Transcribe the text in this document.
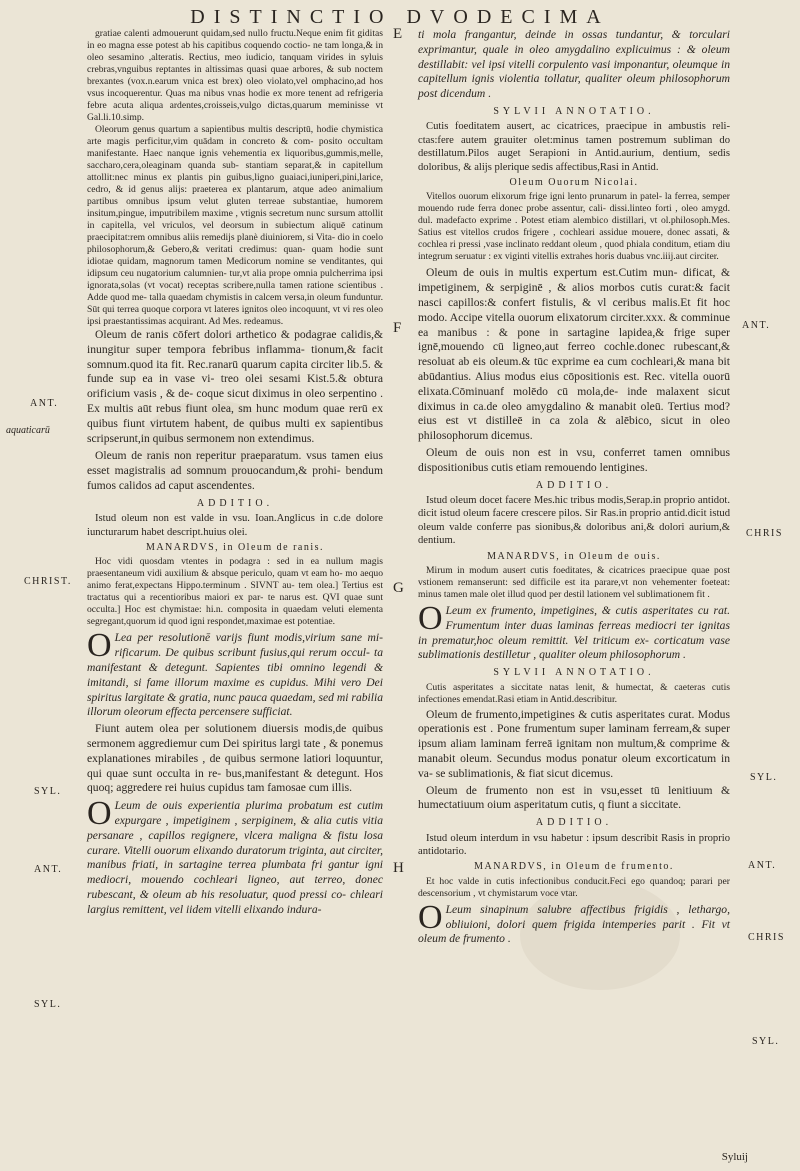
DISTINCTIO DVODECIMA
ANT.
aquaticarū
CHRIST.
SYL.
ANT.
SYL.
ANT.
CHRIS
SYL.
ANT.
CHRIS
SYL.
E
F
G
H

gratiae calenti admouerunt quidam,sed nullo fructu.Neque enim fit giditas in eo magna esse potest ab his capitibus coquendo coctio- ne tam longa,& in oleo sesamino ,alteratis. Rectius, meo iudicio, tanquam virides in syluis crebras,vnguibus reptantes in altissimas quasi quae arbores, & sub noctem brexantes (vox.n.earum vnica est brex) oleo violato,vel omphacino,ad hos vsus incoquerentur. Quas ma nibus vnas hodie ex more tenent ad refrigeria febre acuta aliqua ardentes,croisseis,vulgo dictas,quarum meminisse vt Gal.li.10.simp.

Oleorum genus quartum a sapientibus multis descriptū, hodie chymistica arte magis perficitur,vim quādam in concreto & com- posito occultam manifestante. Haec nanque ignis vehementia ex liquoribus,gummis,melle, saccharo,cera,oleaginam quanda sub- stantiam separat,& in capitellum attollit:nec minus ex plantis pin guibus,ligno guaiaci,iuniperi,pini,larice, cedro, & id genus alijs: praeterea ex plantarum, atque adeo animalium partibus omnibus ipsum velut gluten terreae substantiae, humorem insitum,pingue, imputribilem maxime , vtignis secretum nunc sursum attollit in capitella, vel vriculos, vel deorsum in subiectum aliquē catinum praecipitat:rem omnibus aliis remedijs planè diuiniorem, si Vita- dio in coelo philosophorum,& Gebero,& veritati credimus: quan- quam hodie sunt idiotae quidam, magnorum tamen Medicorum nomine se venditantes, qui idipsum ceu nugatorium calumnien- tur,vt alia prope omnia pulcherrima ipsi ignorata,solas (vt vocat) receptas scribere,nulla tamen ratione scientibus . Adde quod me- talla quaedam chymistis in calcem versa,in oleum funduntur. Sūt qui terrea quoque corpora vt lateres ignitos oleo incoquunt, vt vi res oleo ipsi praestantissimas acquirant. Ad Mes. redeamus.

Oleum de ranis cōfert dolori arthetico & podagrae calidis,& inungitur super tempora febribus inflamma- tionum,& facit somnum.quod ita fit. Rec.ranarū quarum capita circiter lib.5. & funde sup ea in vase vi- treo olei sesami Kist.5.& obtura orificium vasis , & de- coque sicut diximus in oleo serpentino . Ex multis aūt rebus fiunt olea, sm hunc modum quae rerū ex quibus fiunt virtutem habent, de quibus multi ex sapientibus scripserunt,in quibus sermonem non extendimus.

Oleum de ranis non reperitur praeparatum. vsus tamen eius esset magistralis ad somnum prouocandum,& prohi- bendum fumos calidos ad caput ascendentes.

ADDITIO.

Istud oleum non est valde in vsu. Ioan.Anglicus in c.de dolore iuncturarum habet descript.huius olei.

MANARDVS, in Oleum de ranis.

Hoc vidi quosdam vtentes in podagra : sed in ea nullum magis praesentaneum vidi auxilium & absque periculo, quam vt eam ho- mo aequo animo ferat,expectans Hippo.terminum . SIVNT au- tem olea.] Tertius est tractatus qui a recentioribus maiori ex par- te narus est. QVI quae sunt occulta.] Hoc est chymistae: hi.n. composita in quaedam veluti elementa segregant,quorum id quod igni respondet,maximae est potentiae.

O Lea per resolutionē varijs fiunt modis,virium sane mi- rificarum. De quibus scribunt fusius,qui rerum occul- ta manifestant & detegunt. Sapientes tibi omnino legendi & imitandi, si fame illorum maxime es cupidus. Mihi vero Dei spiritus largitate & gratia, nunc pauca quaedam, sed mi rabilia illorum oleorum effecta percensere sufficiat.

Fiunt autem olea per solutionem diuersis modis,de quibus sermonem aggrediemur cum Dei spiritus largi tate , & ponemus explanationes mirabiles , de quibus sermone latiori loquuntur, qui quae sunt occulta in re- bus,manifestant & detegunt. Hos quoq; aggredere rei huius cupidus tam famosae cum illis.

O Leum de ouis experientia plurima probatum est cutim expurgare , impetiginem , serpiginem, & alia cutis vitia persanare , capillos regignere, vlcera maligna & fistu losa curare. Vitelli ouorum elixando duratorum triginta, aut circiter, manibus friati, in sartagine terrea plumbata fri gantur igni mediocri, mouendo cochleari ligneo, aut terreo, donec rubescant, & oleum ab his resoluatur, quod pressi co- chleari largius remittent, vel iidem vitelli elixando indura-

ti mola frangantur, deinde in ossas tundantur, & torculari exprimantur, quale in oleo amygdalino explicuimus : & oleum destillabit: vel ipsi vitelli corpulento vasi imponantur, oleumque in capitellum ignis violentia tollatur, qualiter oleum philosophorum post dicendum .

SYLVII ANNOTATIO.

Cutis foeditatem ausert, ac cicatrices, praecipue in ambustis reli- ctas:fere autem grauiter olet:minus tamen postremum subliman do destillatum.Pilos auget Serapioni in Antid.aurium, dentium, sedis doloribus, & alijs plerique sedis affectibus,Rasi in Antid.

Oleum Ouorum Nicolai.

Vitellos ouorum elixorum frige igni lento prunarum in patel- la ferrea, semper mouendo rude ferra donec probe assentur, cali- dissi.linteo forti , oleo amygd. dul. madefacto exprime . Potest etiam alembico distillari, vt ol.philosoph.Mes. Satius est vitellos crudos frigere , cochleari assidue mouere, donec assati, & cochlea ri pressi ,vase inclinato reddant oleum , quod phiala conditum, etiam diu integrum seruatur : ex viginti vitellis extrahes horis duabus vnc.iiij.aut circiter.

Oleum de ouis in multis expertum est.Cutim mun- dificat, & impetiginem, & serpiginē , & alios morbos cutis curat:& facit nasci capillos:& confert fistulis, & vl ceribus malis.Et fit hoc modo. Accipe vitella ouorum elixatorum circiter.xxx. & comminue ea manibus : & pone in sartagine lapidea,& frige super ignē,mouendo cū ligneo,aut ferreo cochle.donec rubescant,& resoluat ab eis oleum.& tūc exprime ea cum cochleari,& mana bit abūdantius. Alius modus eius cōpositionis est. Rec. vitella ouorū elixata.Cōminuanf molēdo cū mola,de- inde malaxent sicut diximus in ca.de oleo amygdalino & manabit oleū. Tertius mod? eius est vt distilleē in ca zola & alēbico, sicut in oleo philosophorum dicemus.

Oleum de ouis non est in vsu, conferret tamen omnibus dispositionibus cutis etiam remouendo lentigines.

ADDITIO.

Istud oleum docet facere Mes.hic tribus modis,Serap.in proprio antidot. dicit istud oleum facere crescere pilos. Sir Ras.in proprio antid.dicit istud oleum valde conferre pas sionibus,& doloribus ani,& dolori aurium,& dentium.

MANARDVS, in Oleum de ouis.

Mirum in modum ausert cutis foeditates, & cicatrices praecipue quae post vstionem remanserunt: sed difficile est ita parare,vt non vehementer foeteat: minus tamen male olet illud quod per destil lationem vel sublimationem fit .

O Leum ex frumento, impetigines, & cutis asperitates cu rat. Frumentum inter duas laminas ferreas mediocri ter ignitas in prematur,hoc oleum remittit. Vel triticum ex- corticatum vase sublimationis destilletur , qualiter oleum philosophorum .

SYLVII ANNOTATIO.

Cutis asperitates a siccitate natas lenit, & humectat, & caeteras cutis infectiones emendat.Rasi etiam in Antid.describitur.

Oleum de frumento,impetigines & cutis asperitates curat. Modus operationis est . Pone frumentum super laminam ferream,& super ipsum aliam laminam ferreā ignitam non multum,& comprime & manabit oleum. Secundus modus ponatur oleum excorticatum in va- se sublimationis, & fiat sicut dicemus.

Oleum de frumento non est in vsu,esset tū lenitiuum & humectatiuum oium asperitatum cutis, q fiunt a siccitate.

ADDITIO.

Istud oleum interdum in vsu habetur : ipsum describit Rasis in proprio antidotario.

MANARDVS, in Oleum de frumento.

Et hoc valde in cutis infectionibus conducit.Feci ego quandoq; parari per descensorium , vt chymistarum voce vtar.

O Leum sinapinum salubre affectibus frigidis , lethargo, obliuioni, dolori quem frigida intemperies parit . Fit vt oleum de frumento .

Syluij
